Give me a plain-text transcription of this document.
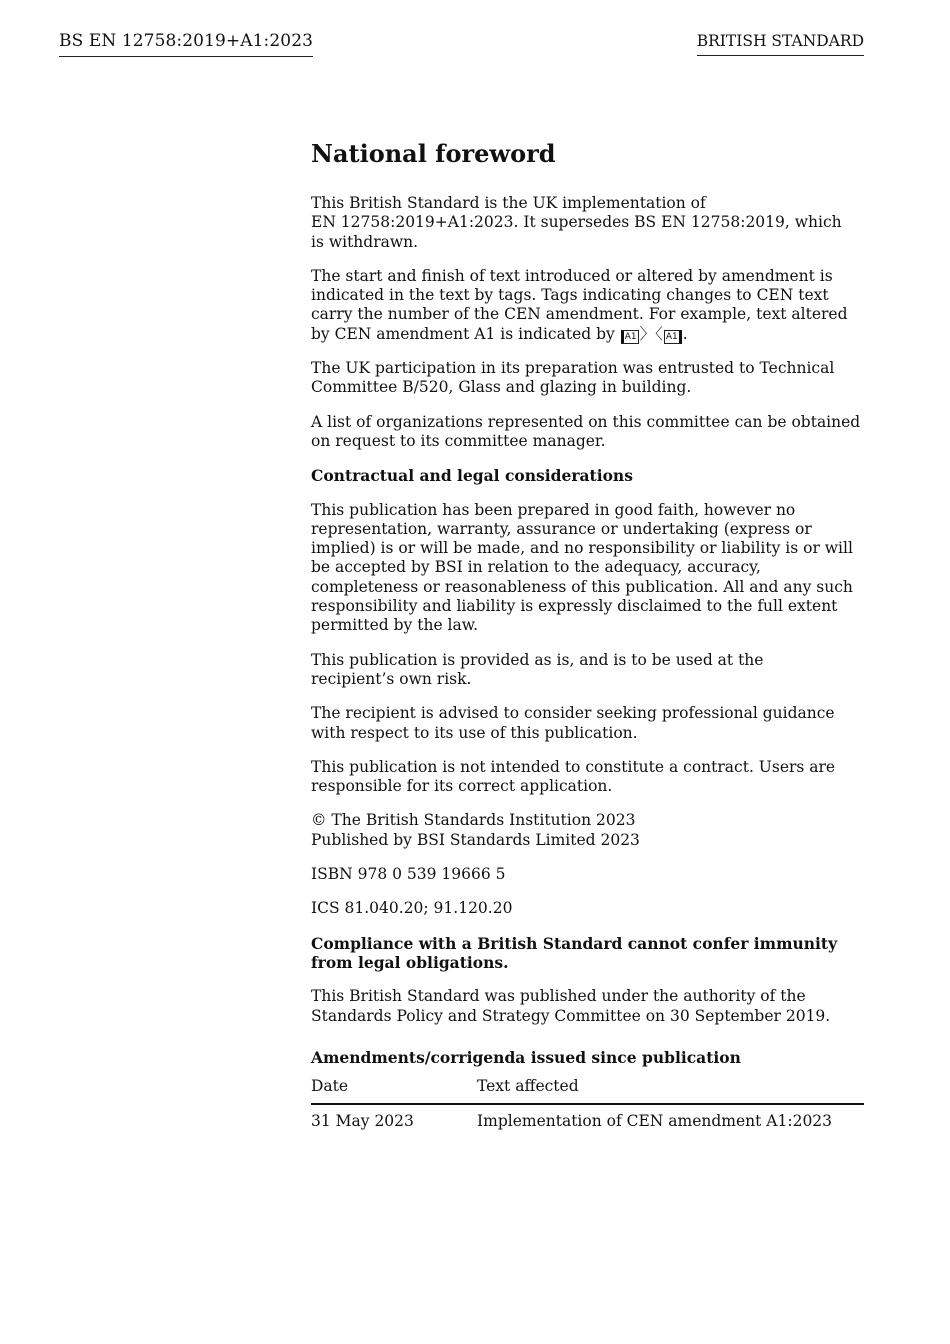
BS EN 12758:2019+A1:2023	BRITISH STANDARD
National foreword

This British Standard is the UK implementation of
EN 12758:2019+A1:2023. It supersedes BS EN 12758:2019, which
is withdrawn.

The start and finish of text introduced or altered by amendment is indicated in the text by tags. Tags indicating changes to CEN text carry the number of the CEN amendment. For example, text altered by CEN amendment A1 is indicated by A1 〉〈 A1 .

The UK participation in its preparation was entrusted to Technical Committee B/520, Glass and glazing in building.

A list of organizations represented on this committee can be obtained on request to its committee manager.

Contractual and legal considerations

This publication has been prepared in good faith, however no representation, warranty, assurance or undertaking (express or implied) is or will be made, and no responsibility or liability is or will be accepted by BSI in relation to the adequacy, accuracy, completeness or reasonableness of this publication. All and any such responsibility and liability is expressly disclaimed to the full extent permitted by the law.

This publication is provided as is, and is to be used at the
recipient’s own risk.

The recipient is advised to consider seeking professional guidance with respect to its use of this publication.

This publication is not intended to constitute a contract. Users are responsible for its correct application.

© The British Standards Institution 2023
Published by BSI Standards Limited 2023

ISBN 978 0 539 19666 5

ICS 81.040.20; 91.120.20

Compliance with a British Standard cannot confer immunity from legal obligations.

This British Standard was published under the authority of the
Standards Policy and Strategy Committee on 30 September 2019.

Amendments/corrigenda issued since publication

Date	Text affected
31 May 2023	Implementation of CEN amendment A1:2023
